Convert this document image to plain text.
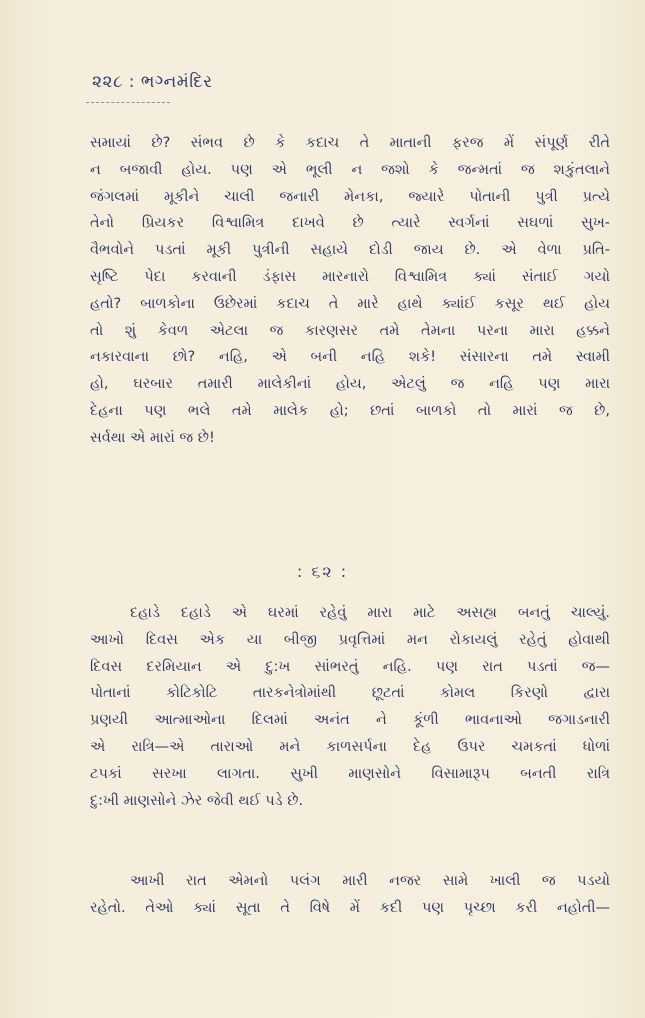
૨૨૮ : ભગ્નમંદિર

સમાયાં છે? સંભવ છે કે કદાચ તે માતાની ફરજ મેં સંપૂર્ણ રીતે
ન બજાવી હોય. પણ એ ભૂલી ન જશો કે જન્મતાં જ શકુંતલાને
જંગલમાં મૂકીને ચાલી જનારી મેનકા, જ્યારે પોતાની પુત્રી પ્રત્યે
તેનો પ્રિયકર વિશ્વામિત્ર દાખવે છે ત્યારે સ્વર્ગનાં સઘળાં સુખ-
વૈભવોને પડતાં મૂકી પુત્રીની સહાયે દોડી જાય છે. એ વેળા પ્રતિ-
સૃષ્ટિ પેદા કરવાની ડંફાસ મારનારો વિશ્વામિત્ર ક્યાં સંતાઈ ગયો
હતો? બાળકોના ઉછેરમાં કદાચ તે મારે હાથે ક્યાંઈ કસૂર થઈ હોય
તો શું કેવળ એટલા જ કારણસર તમે તેમના પરના મારા હક્કને
નકારવાના છો? નહિ, એ બની નહિ શકે! સંસારના તમે સ્વામી
હો, ઘરબાર તમારી માલેકીનાં હોય, એટલું જ નહિ પણ મારા
દેહના પણ ભલે તમે માલેક હો; છતાં બાળકો તો મારાં જ છે,
સર્વથા એ મારાં જ છે!

: ૬૨ :

દહાડે દહાડે એ ઘરમાં રહેવું મારા માટે અસહ્ય બનતું ચાલ્યું.
આખો દિવસ એક યા બીજી પ્રવૃત્તિમાં મન રોકાયલું રહેતું હોવાથી
દિવસ દરમિયાન એ દુ:ખ સાંભરતું નહિ. પણ રાત પડતાં જ—
પોતાનાં કોટિકોટિ તારકનેત્રોમાંથી છૂટતાં કોમલ કિરણો દ્વારા
પ્રણયી આત્માઓના દિલમાં અનંત ને કૂંળી ભાવનાઓ જગાડનારી
એ રાત્રિ—એ તારાઓ મને કાળસર્પના દેહ ઉપર ચમકતાં ધોળાં
ટપકાં સરખા લાગતા. સુખી માણસોને વિસામારૂપ બનતી રાત્રિ
દુ:ખી માણસોને ઝેર જેવી થઈ પડે છે.

આખી રાત એમનો પલંગ મારી નજર સામે ખાલી જ પડયો
રહેતો. તેઓ ક્યાં સૂતા તે વિષે મેં કદી પણ પૃચ્છા કરી નહોતી—
